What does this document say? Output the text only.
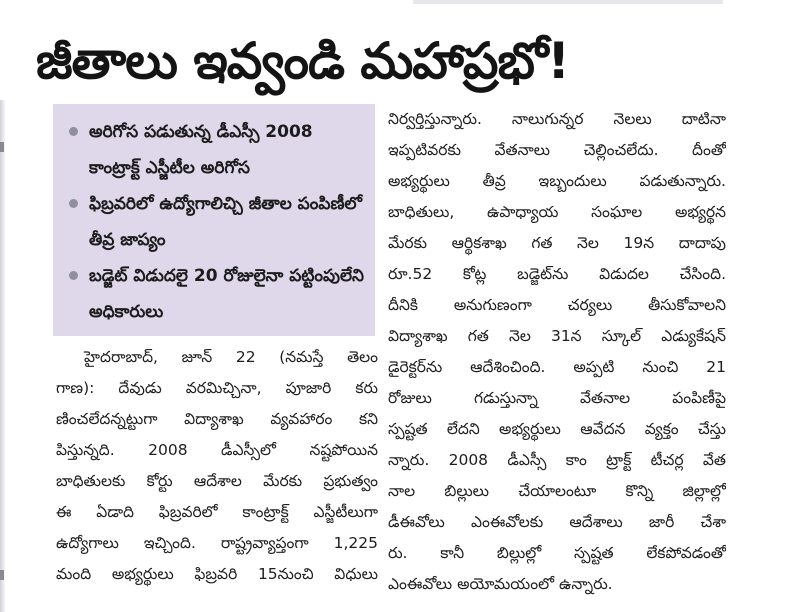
జీతాలు ఇవ్వండి మహాప్రభో!
అరిగోస పడుతున్న డీఎస్సీ 2008 కాంట్రాక్ట్ ఎస్జీటీల అరిగోస
ఫిబ్రవరిలో ఉద్యోగాలిచ్చి జీతాల పంపిణీలో తీవ్ర జాప్యం
బడ్జెట్ విడుదలై 20 రోజులైనా పట్టింపులేని అధికారులు
హైదరాబాద్, జూన్ 22 (నమస్తే తెలం
గాణ): దేవుడు వరమిచ్చినా, పూజారి కరు
ణించలేదన్నట్టుగా విద్యాశాఖ వ్యవహారం కని
పిస్తున్నది. 2008 డీఎస్సీలో నష్టపోయిన
బాధితులకు కోర్టు ఆదేశాల మేరకు ప్రభుత్వం
ఈ ఏడాది ఫిబ్రవరిలో కాంట్రాక్ట్ ఎస్జీటీలుగా
ఉద్యోగాలు ఇచ్చింది. రాష్ట్రవ్యాప్తంగా 1,225
మంది అభ్యర్థులు ఫిబ్రవరి 15నుంచి విధులు
నిర్వర్తిస్తున్నారు. నాలుగున్నర నెలలు దాటినా
ఇప్పటివరకు వేతనాలు చెల్లించలేదు. దీంతో
అభ్యర్థులు తీవ్ర ఇబ్బందులు పడుతున్నారు.
బాధితులు, ఉపాధ్యాయ సంఘాల అభ్యర్థన
మేరకు ఆర్థికశాఖ గత నెల 19న దాదాపు
రూ.52 కోట్ల బడ్జెట్‌ను విడుదల చేసింది.
దీనికి అనుగుణంగా చర్యలు తీసుకోవాలని
విద్యాశాఖ గత నెల 31న స్కూల్ ఎడ్యుకేషన్
డైరెక్టర్‌ను ఆదేశించింది. అప్పటి నుంచి 21
రోజులు గడుస్తున్నా వేతనాల పంపిణీపై
స్పష్టత లేదని అభ్యర్థులు ఆవేదన వ్యక్తం చేస్తు
న్నారు. 2008 డీఎస్సీ కాం ట్రాక్ట్ టీచర్ల వేత
నాల బిల్లులు చేయాలంటూ కొన్ని జిల్లాల్లో
డీఈవోలు ఎంఈవోలకు ఆదేశాలు జారీ చేశా
రు. కానీ బిల్లుల్లో స్పష్టత లేకపోవడంతో
ఎంఈవోలు అయోమయంలో ఉన్నారు.
